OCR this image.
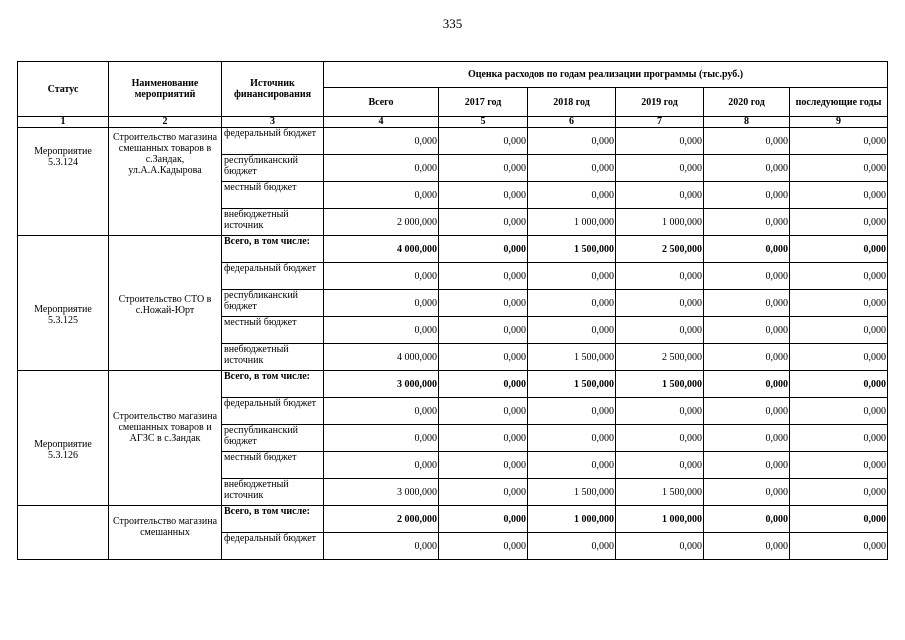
335
Статус	Наименование мероприятий	Источник финансирования	Оценка расходов по годам реализации программы (тыс.руб.)					
			Всего	2017 год	2018 год	2019 год	2020 год	последующие годы
1	2	3	4	5	6	7	8	9

Мероприятие 5.3.124	Строительство магазина смешанных товаров в с.Зандак, ул.А.А.Кадырова	федеральный бюджет	0,000	0,000	0,000	0,000	0,000	0,000
		республиканский бюджет	0,000	0,000	0,000	0,000	0,000	0,000
		местный бюджет	0,000	0,000	0,000	0,000	0,000	0,000
		внебюджетный источник	2 000,000	0,000	1 000,000	1 000,000	0,000	0,000

Мероприятие 5.3.125	Строительство СТО в с.Ножай-Юрт	Всего, в том числе:	4 000,000	0,000	1 500,000	2 500,000	0,000	0,000
		федеральный бюджет	0,000	0,000	0,000	0,000	0,000	0,000
		республиканский бюджет	0,000	0,000	0,000	0,000	0,000	0,000
		местный бюджет	0,000	0,000	0,000	0,000	0,000	0,000
		внебюджетный источник	4 000,000	0,000	1 500,000	2 500,000	0,000	0,000

Мероприятие 5.3.126	Строительство магазина смешанных товаров и АГЗС в с.Зандак	Всего, в том числе:	3 000,000	0,000	1 500,000	1 500,000	0,000	0,000
		федеральный бюджет	0,000	0,000	0,000	0,000	0,000	0,000
		республиканский бюджет	0,000	0,000	0,000	0,000	0,000	0,000
		местный бюджет	0,000	0,000	0,000	0,000	0,000	0,000
		внебюджетный источник	3 000,000	0,000	1 500,000	1 500,000	0,000	0,000

	Строительство магазина смешанных	Всего, в том числе:	2 000,000	0,000	1 000,000	1 000,000	0,000	0,000
		федеральный бюджет	0,000	0,000	0,000	0,000	0,000	0,000
